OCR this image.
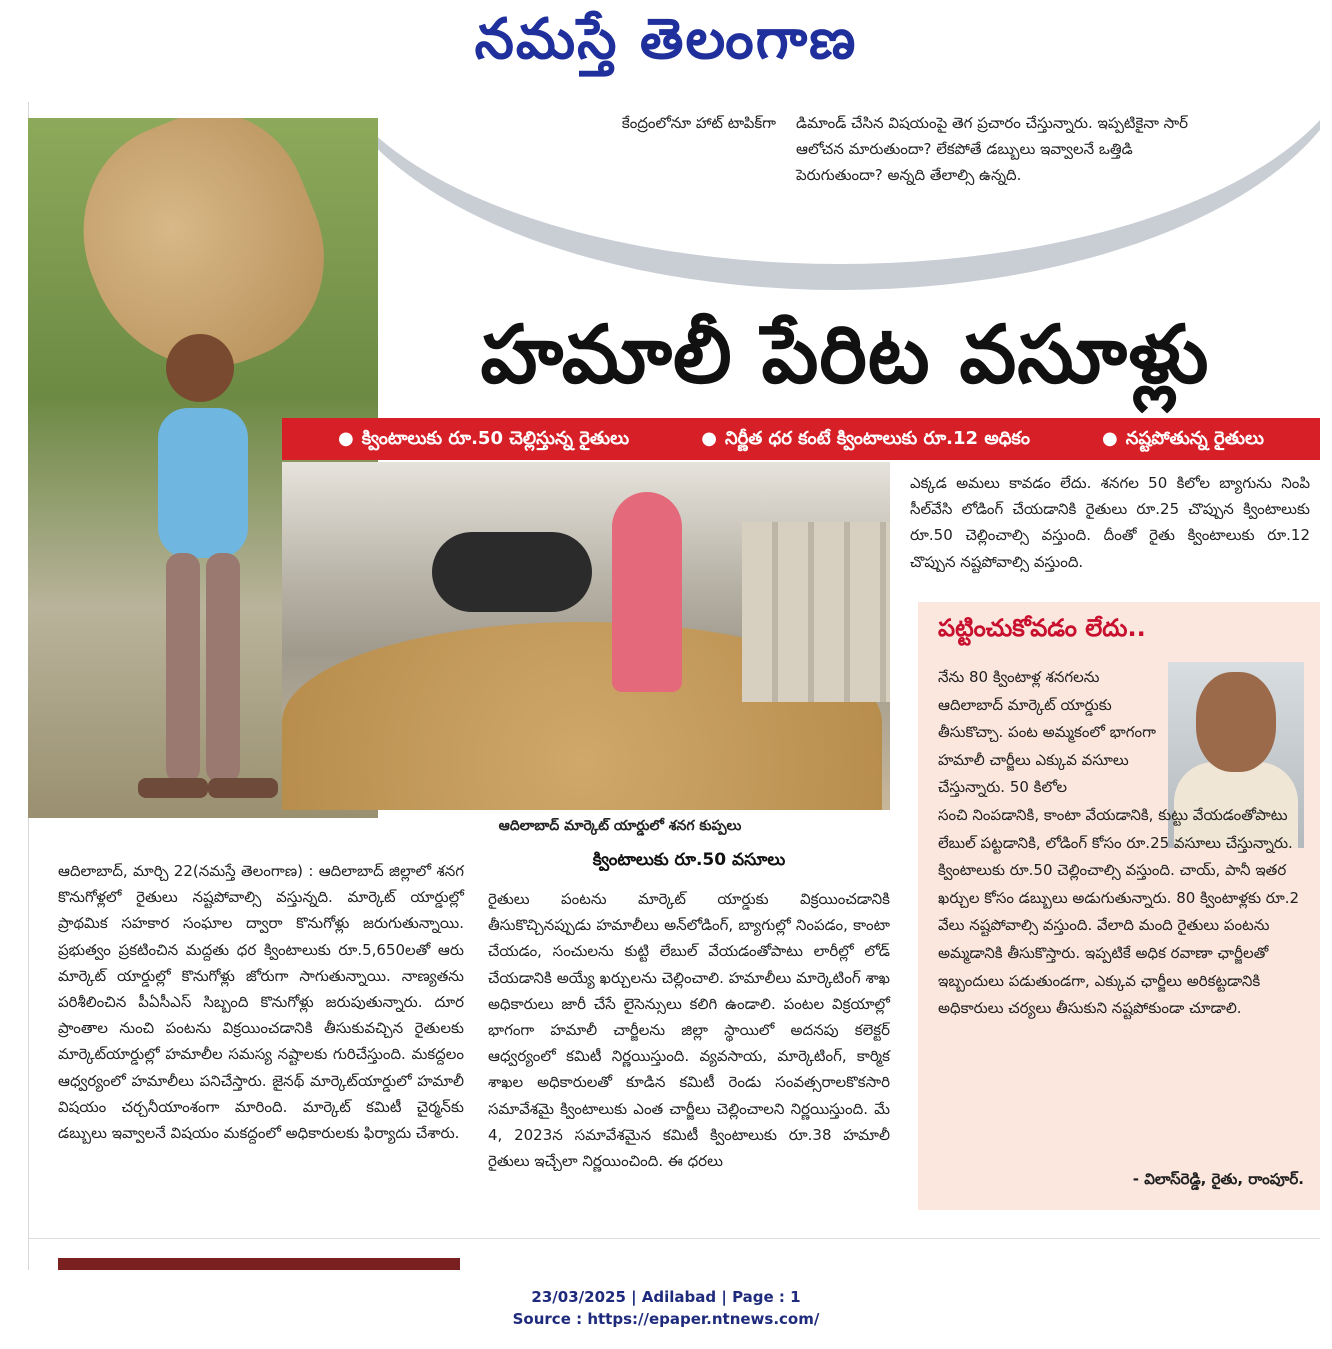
నమస్తే తెలంగాణ
కేంద్రంలోనూ హాట్ టాపిక్‌గా డిమాండ్ చేసిన విషయంపై తెగ ప్రచారం చేస్తున్నారు. ఇప్పటికైనా సార్ ఆలోచన మారుతుందా? లేకపోతే డబ్బులు ఇవ్వాలనే ఒత్తిడి పెరుగుతుందా? అన్నది తేలాల్సి ఉన్నది.
హమాలీ పేరిట వసూళ్లు
● క్వింటాలుకు రూ.50 చెల్లిస్తున్న రైతులు	● నిర్ణీత ధర కంటే క్వింటాలుకు రూ.12 అధికం	● నష్టపోతున్న రైతులు
ఆదిలాబాద్ మార్కెట్ యార్డులో శనగ కుప్పలు
ఆదిలాబాద్, మార్చి 22(నమస్తే తెలంగాణ) : ఆదిలాబాద్ జిల్లాలో శనగ కొనుగోళ్లలో రైతులు నష్టపోవాల్సి వస్తున్నది. మార్కెట్ యార్డుల్లో ప్రాథమిక సహకార సంఘాల ద్వారా కొనుగోళ్లు జరుగుతున్నాయి. ప్రభుత్వం ప్రకటించిన మద్దతు ధర క్వింటాలుకు రూ.5,650లతో ఆరు మార్కెట్ యార్డుల్లో కొనుగోళ్లు జోరుగా సాగుతున్నాయి. నాణ్యతను పరిశీలించిన పీఏసీఎస్ సిబ్బంది కొనుగోళ్లు జరుపుతున్నారు. దూర ప్రాంతాల నుంచి పంటను విక్రయించడానికి తీసుకువచ్చిన రైతులకు మార్కెట్‌యార్డుల్లో హమాలీల సమస్య నష్టాలకు గురిచేస్తుంది. మకద్దలం ఆధ్వర్యంలో హమాలీలు పనిచేస్తారు. జైనథ్ మార్కెట్‌యార్డులో హమాలీ విషయం చర్చనీయాంశంగా మారింది. మార్కెట్ కమిటీ చైర్మన్‌కు డబ్బులు ఇవ్వాలనే విషయం మకద్దంలో అధికారులకు ఫిర్యాదు చేశారు.
క్వింటాలుకు రూ.50 వసూలు
రైతులు పంటను మార్కెట్ యార్డుకు విక్రయించడానికి తీసుకొచ్చినప్పుడు హమాలీలు అన్‌లోడింగ్, బ్యాగుల్లో నింపడం, కాంటా చేయడం, సంచులను కుట్టి లేబుల్ వేయడంతోపాటు లారీల్లో లోడ్ చేయడానికి అయ్యే ఖర్చులను చెల్లించాలి. హమాలీలు మార్కెటింగ్ శాఖ అధికారులు జారీ చేసే లైసెన్సులు కలిగి ఉండాలి. పంటల విక్రయాల్లో భాగంగా హమాలీ చార్జీలను జిల్లా స్థాయిలో అదనపు కలెక్టర్ ఆధ్వర్యంలో కమిటీ నిర్ణయిస్తుంది. వ్యవసాయ, మార్కెటింగ్, కార్మిక శాఖల అధికారులతో కూడిన కమిటీ రెండు సంవత్సరాలకొకసారి సమావేశమై క్వింటాలుకు ఎంత చార్జీలు చెల్లించాలని నిర్ణయిస్తుంది. మే 4, 2023న సమావేశమైన కమిటీ క్వింటాలుకు రూ.38 హమాలీ రైతులు ఇచ్చేలా నిర్ణయించింది. ఈ ధరలు
ఎక్కడ అమలు కావడం లేదు. శనగల 50 కిలోల బ్యాగును నింపి సీల్‌వేసి లోడింగ్ చేయడానికి రైతులు రూ.25 చొప్పున క్వింటాలుకు రూ.50 చెల్లించాల్సి వస్తుంది. దీంతో రైతు క్వింటాలుకు రూ.12 చొప్పున నష్టపోవాల్సి వస్తుంది.
పట్టించుకోవడం లేదు..
నేను 80 క్వింటాళ్ల శనగలను ఆదిలాబాద్ మార్కెట్ యార్డుకు తీసుకొచ్చా. పంట అమ్మకంలో భాగంగా హమాలీ చార్జీలు ఎక్కువ వసూలు చేస్తున్నారు. 50 కిలోల
సంచి నింపడానికి, కాంటా వేయడానికి, కుట్టు వేయడంతోపాటు లేబుల్ పట్టడానికి, లోడింగ్ కోసం రూ.25 వసూలు చేస్తున్నారు. క్వింటాలుకు రూ.50 చెల్లించాల్సి వస్తుంది. చాయ్, పానీ ఇతర ఖర్చుల కోసం డబ్బులు అడుగుతున్నారు. 80 క్వింటాళ్లకు రూ.2 వేలు నష్టపోవాల్సి వస్తుంది. వేలాది మంది రైతులు పంటను అమ్మడానికి తీసుకొస్తారు. ఇప్పటికే అధిక రవాణా ఛార్జీలతో ఇబ్బందులు పడుతుండగా, ఎక్కువ ఛార్జీలు అరికట్టడానికి అధికారులు చర్యలు తీసుకుని నష్టపోకుండా చూడాలి.
- విలాస్‌రెడ్డి, రైతు, రాంపూర్.
23/03/2025 | Adilabad | Page : 1
Source : https://epaper.ntnews.com/
